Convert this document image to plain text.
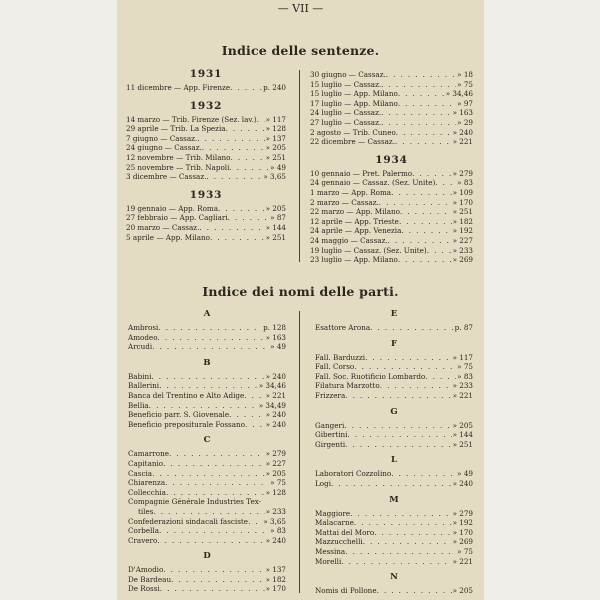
— VII —
Indice delle sentenze.
1931
11 dicembre — App. Firenze . . .	p. 240
1932
14 marzo — Trib. Firenze (Sez. lav.) . . . » 117
29 aprile — Trib. La Spezia . . .	» 128
7 giugno — Cassaz. . . .	» 137
24 giugno — Cassaz. . . .	» 205
12 novembre — Trib. Milano . . .	» 251
25 novembre — Trib. Napoli . . .	» 49
3 dicembre — Cassaz. . . .	» 3,65
1933
19 gennaio — App. Roma . . .	» 205
27 febbraio — App. Cagliari . . .	» 87
20 marzo — Cassaz. . . .	» 144
5 aprile — App. Milano . . .	» 251
30 giugno — Cassaz. . . .	» 18
15 luglio — Cassaz. . . .	» 75
15 luglio — App. Milano . . .	» 34,46
17 luglio — App. Milano . . .	» 97
24 luglio — Cassaz. . . .	» 163
27 luglio — Cassaz. . . .	» 29
2 agosto — Trib. Cuneo . . .	» 240
22 dicembre — Cassaz. . . .	» 221
1934
10 gennaio — Pret. Palermo . . .	» 279
24 gennaio — Cassaz. (Sez. Unite) . . .	» 83
1 marzo — App. Roma . . .	» 109
2 marzo — Cassaz. . . .	» 170
22 marzo — App. Milano . . .	» 251
12 aprile — App. Trieste . . .	» 182
24 aprile — App. Venezia . . .	» 192
24 maggio — Cassaz. . . .	» 227
19 luglio — Cassaz. (Sez. Unite) . . .	» 233
23 luglio — App. Milano . . .	» 269
Indice dei nomi delle parti.
A
Ambrosi . . .	p. 128
Amodeo . . .	» 163
Arcudi . . .	» 49
B
Babini . . .	» 240
Ballerini . . .	» 34,46
Banca del Trentino e Alto Adige . . .	» 221
Bellia . . .	» 34,49
Beneficio parr. S. Giovenale . . .	» 240
Beneficio prepositurale Fossano . . .	» 240
C
Camarrone . . .	» 279
Capitanio . . .	» 227
Cascia . . .	» 205
Chiarenza . . .	» 75
Collecchia . . .	» 128
Compagnie Générale Industries Tex-
tiles . . .	» 233
Confederazioni sindacali fasciste . . . » 3,65
Corbella . . .	» 83
Cravero . . .	» 240
D
D'Amodio . . .	» 137
De Bardeau . . .	» 182
De Rossi . . .	» 170
E
Esattore Arona . . .	p. 87
F
Fall. Barduzzi . . .	» 117
Fall. Corso . . .	» 75
Fall. Soc. Ruotificio Lombardo . . .	» 83
Filatura Marzotto . . .	» 233
Frizzera . . .	» 221
G
Gangeri . . .	» 205
Gibertini . . .	» 144
Girgenti . . .	» 251
L
Laboratori Cozzolino . . .	» 49
Logi . . .	» 240
M
Maggiore . . .	» 279
Malacarne . . .	» 192
Mattai del Moro . . .	» 170
Mazzucchelli . . .	» 269
Messina . . .	» 75
Morelli . . .	» 221
N
Nomis di Pollone . . .	» 205
